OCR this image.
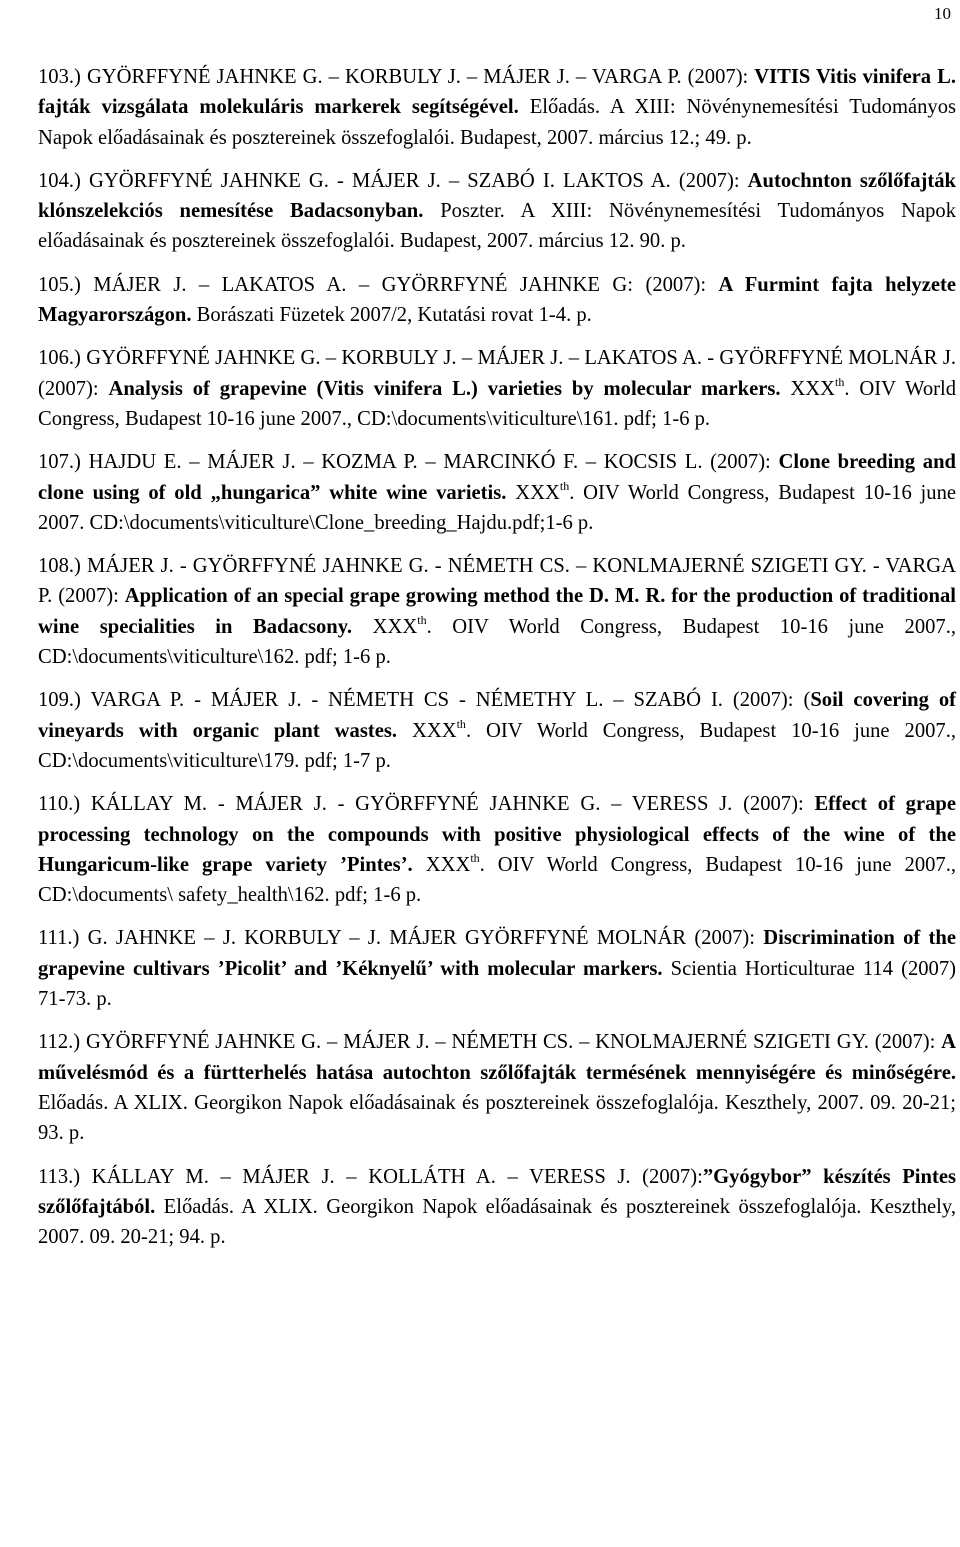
10
103.) GYÖRFFYNÉ JAHNKE G. – KORBULY J. – MÁJER J. – VARGA P. (2007): VITIS Vitis vinifera L. fajták vizsgálata molekuláris markerek segítségével. Előadás. A XIII: Növénynemesítési Tudományos Napok előadásainak és posztereinek összefoglalói. Budapest, 2007. március 12.; 49. p.
104.) GYÖRFFYNÉ JAHNKE G. - MÁJER J. – SZABÓ I. LAKTOS A. (2007): Autochnton szőlőfajták klónszelekciós nemesítése Badacsonyban. Poszter. A XIII: Növénynemesítési Tudományos Napok előadásainak és posztereinek összefoglalói. Budapest, 2007. március 12. 90. p.
105.) MÁJER J. – LAKATOS A. – GYÖRRFYNÉ JAHNKE G: (2007): A Furmint fajta helyzete Magyarországon. Borászati Füzetek 2007/2, Kutatási rovat 1-4. p.
106.) GYÖRFFYNÉ JAHNKE G. – KORBULY J. – MÁJER J. – LAKATOS A. - GYÖRFFYNÉ MOLNÁR J. (2007): Analysis of grapevine (Vitis vinifera L.) varieties by molecular markers. XXXth. OIV World Congress, Budapest 10-16 june 2007., CD:\documents\viticulture\161. pdf; 1-6 p.
107.) HAJDU E. – MÁJER J. – KOZMA P. – MARCINKÓ F. – KOCSIS L. (2007): Clone breeding and clone using of old „hungarica” white wine varietis. XXXth. OIV World Congress, Budapest 10-16 june 2007. CD:\documents\viticulture\Clone_breeding_Hajdu.pdf;1-6 p.
108.) MÁJER J. - GYÖRFFYNÉ JAHNKE G. - NÉMETH CS. – KONLMAJERNÉ SZIGETI GY. - VARGA P. (2007): Application of an special grape growing method the D. M. R. for the production of traditional wine specialities in Badacsony. XXXth. OIV World Congress, Budapest 10-16 june 2007., CD:\documents\viticulture\162. pdf; 1-6 p.
109.) VARGA P. - MÁJER J. - NÉMETH CS - NÉMETHY L. – SZABÓ I. (2007): (Soil covering of vineyards with organic plant wastes. XXXth. OIV World Congress, Budapest 10-16 june 2007., CD:\documents\viticulture\179. pdf; 1-7 p.
110.) KÁLLAY M. - MÁJER J. - GYÖRFFYNÉ JAHNKE G. – VERESS J. (2007): Effect of grape processing technology on the compounds with positive physiological effects of the wine of the Hungaricum-like grape variety ’Pintes’. XXXth. OIV World Congress, Budapest 10-16 june 2007., CD:\documents\ safety_health\162. pdf; 1-6 p.
111.) G. JAHNKE – J. KORBULY – J. MÁJER GYÖRFFYNÉ MOLNÁR (2007): Discrimination of the grapevine cultivars ’Picolit’ and ’Kéknyelű’ with molecular markers. Scientia Horticulturae 114 (2007) 71-73. p.
112.) GYÖRFFYNÉ JAHNKE G. – MÁJER J. – NÉMETH CS. – KNOLMAJERNÉ SZIGETI GY. (2007): A művelésmód és a fürtterhelés hatása autochton szőlőfajták termésének mennyiségére és minőségére. Előadás. A XLIX. Georgikon Napok előadásainak és posztereinek összefoglalója. Keszthely, 2007. 09. 20-21; 93. p.
113.) KÁLLAY M. – MÁJER J. – KOLLÁTH A. – VERESS J. (2007):”Gyógybor” készítés Pintes szőlőfajtából. Előadás. A XLIX. Georgikon Napok előadásainak és posztereinek összefoglalója. Keszthely, 2007. 09. 20-21; 94. p.
